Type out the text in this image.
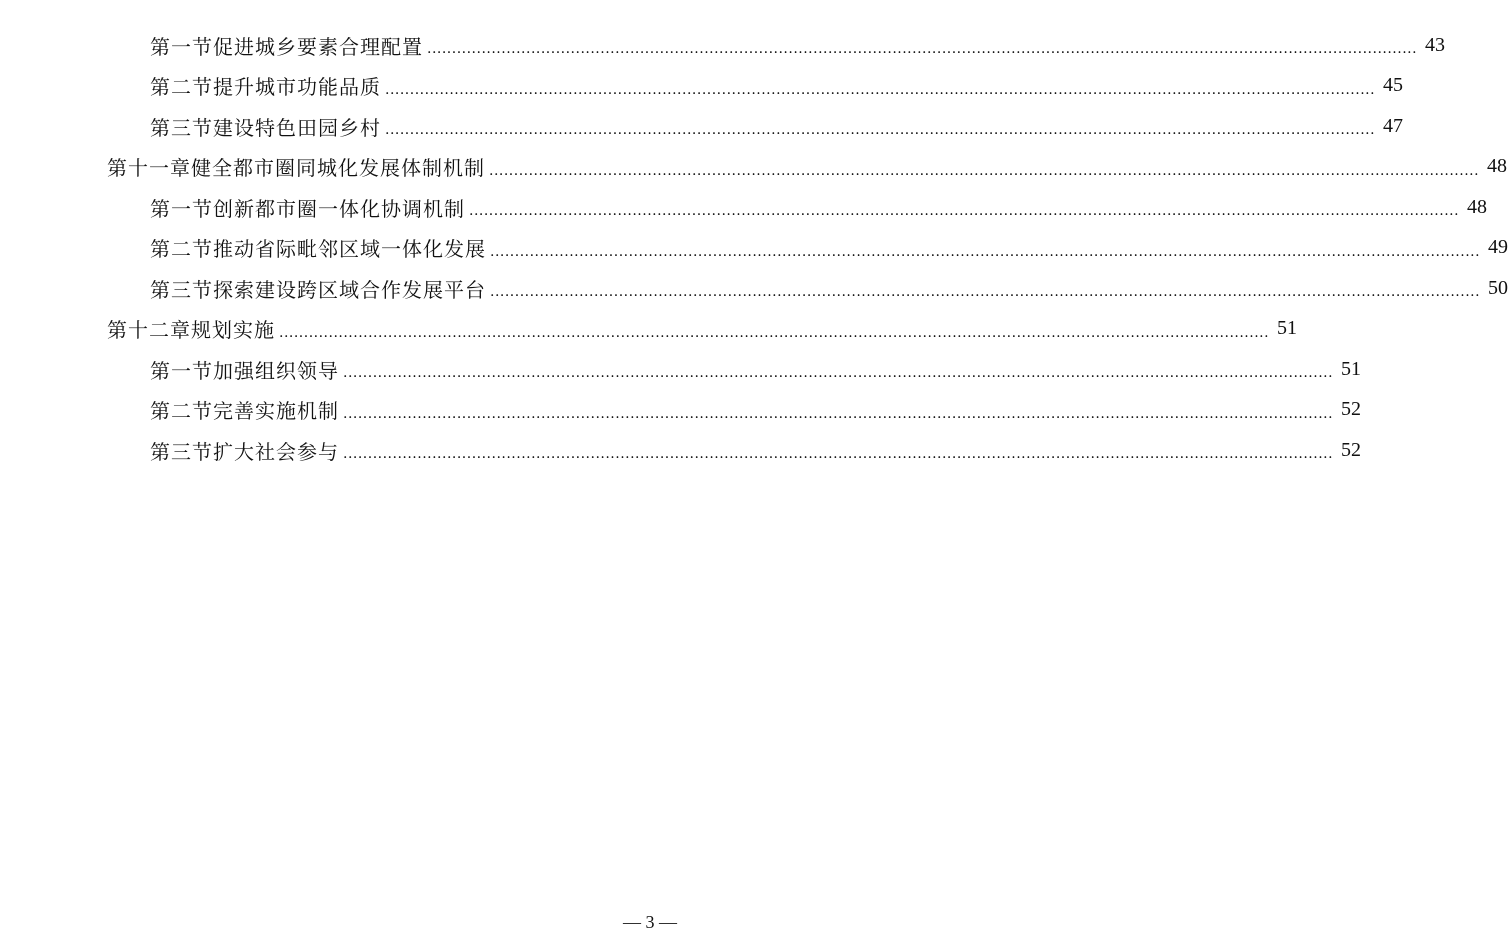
第一节 促进城乡要素合理配置 ........................................................................................................................................................................................................ 43
第二节 提升城市功能品质 ........................................................................................................................................................................................................ 45
第三节 建设特色田园乡村 ........................................................................................................................................................................................................ 47
第十一章 健全都市圈同城化发展体制机制 ........................................................................................................................................................................................................ 48
第一节 创新都市圈一体化协调机制 ........................................................................................................................................................................................................ 48
第二节 推动省际毗邻区域一体化发展 ........................................................................................................................................................................................................ 49
第三节 探索建设跨区域合作发展平台 ........................................................................................................................................................................................................ 50
第十二章 规划实施 ........................................................................................................................................................................................................ 51
第一节 加强组织领导 ........................................................................................................................................................................................................ 51
第二节 完善实施机制 ........................................................................................................................................................................................................ 52
第三节 扩大社会参与 ........................................................................................................................................................................................................ 52
— 3 —
